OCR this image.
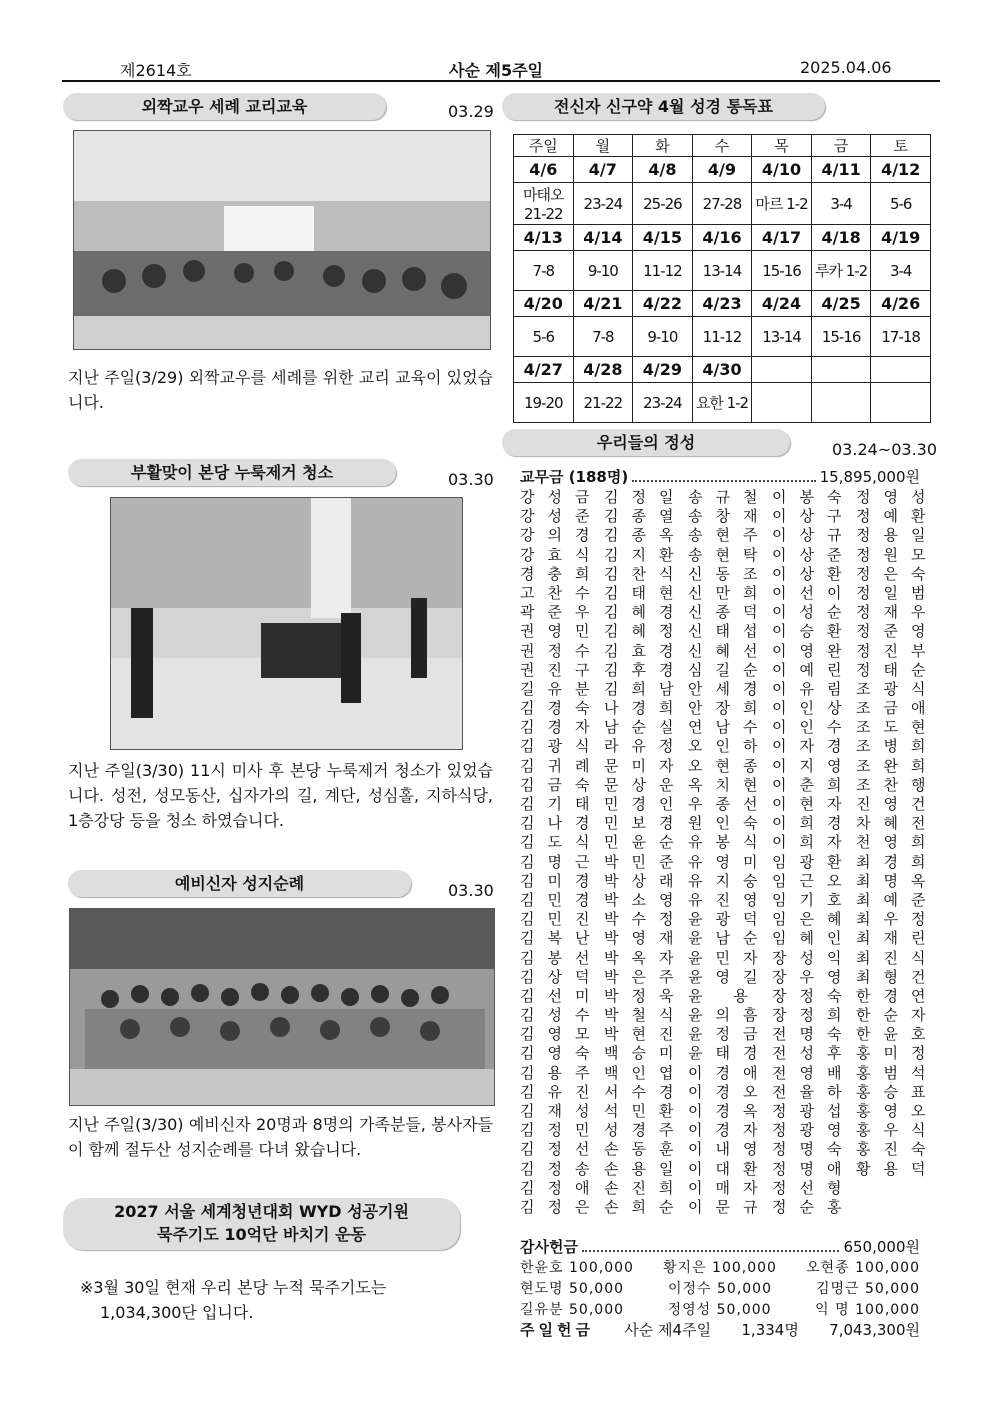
제2614호	사순 제5주일	2025.04.06
외짝교우 세례 교리교육	03.29
지난 주일(3/29) 외짝교우를 세례를 위한 교리 교육이 있었습니다.
부활맞이 본당 누룩제거 청소	03.30
지난 주일(3/30) 11시 미사 후 본당 누룩제거 청소가 있었습니다. 성전, 성모동산, 십자가의 길, 계단, 성심홀, 지하식당, 1층강당 등을 청소 하였습니다.
예비신자 성지순례	03.30
지난 주일(3/30) 예비신자 20명과 8명의 가족분들, 봉사자들이 함께 절두산 성지순례를 다녀 왔습니다.
2027 서울 세계청년대회 WYD 성공기원
묵주기도 10억단 바치기 운동
※3월 30일 현재 우리 본당 누적 묵주기도는
1,034,300단 입니다.
전신자 신구약 4월 성경 통독표
주일	월	화	수	목	금	토
4/6	4/7	4/8	4/9	4/10	4/11	4/12
마태오 21-22	23-24	25-26	27-28	마르 1-2	3-4	5-6
4/13	4/14	4/15	4/16	4/17	4/18	4/19
7-8	9-10	11-12	13-14	15-16	루카 1-2	3-4
4/20	4/21	4/22	4/23	4/24	4/25	4/26
5-6	7-8	9-10	11-12	13-14	15-16	17-18
4/27	4/28	4/29	4/30			
19-20	21-22	23-24	요한 1-2			
우리들의 정성	03.24~03.30
교무금 (188명)	15,895,000원
강성금 김정일 송규철 이봉숙 정영성
강성준 김종열 송창재 이상구 정예환
강의경 김종옥 송현주 이상규 정용일
강효식 김지환 송현탁 이상준 정원모
경충희 김찬식 신동조 이상환 정은숙
고찬수 김태현 신만희 이선이 정일범
곽준우 김혜경 신종덕 이성순 정재우
권영민 김혜정 신태섭 이승환 정준영
권정수 김효경 신혜선 이영완 정진부
권진구 김후경 심길순 이예린 정태순
길유분 김희남 안세경 이유림 조광식
김경숙 나경희 안장희 이인상 조금애
김경자 남순실 연남수 이인수 조도현
김광식 라유정 오인하 이자경 조병희
김귀례 문미자 오현종 이지영 조완희
김금숙 문상운 옥치현 이춘희 조찬행
김기태 민경인 우종선 이현자 진영건
김나경 민보경 원인숙 이희경 차혜전
김도식 민윤순 유봉식 이희자 천영희
김명근 박민준 유영미 임광환 최경희
김미경 박상래 유지숭 임근오 최명옥
김민경 박소영 유진영 임기호 최예준
김민진 박수정 윤광덕 임은혜 최우정
김복난 박영재 윤남순 임혜인 최재린
김봉선 박옥자 윤민자 장성익 최진식
김상덕 박은주 윤영길 장우영 최형건
김선미 박정욱 윤 용 장정숙 한경연
김성수 박철식 윤의흠 장정희 한순자
김영모 박현진 윤정금 전명숙 한윤호
김영숙 백승미 윤태경 전성후 홍미정
김용주 백인엽 이경애 전영배 홍범석
김유진 서수경 이경오 전율하 홍승표
김재성 석민환 이경옥 정광섭 홍영오
김정민 성경주 이경자 정광영 홍우식
김정선 손동훈 이내영 정명숙 홍진숙
김정송 손용일 이대환 정명애 황용덕
김정애 손진희 이매자 정선형
김정은 손희순 이문규 정순홍
감사헌금	650,000원
한윤호 100,000 황지은 100,000 오현종 100,000
현도명 50,000	이정수 50,000	김명근 50,000
길유분 50,000	정영성 50,000	익 명 100,000
주일헌금 사순 제4주일 1,334명 7,043,300원
